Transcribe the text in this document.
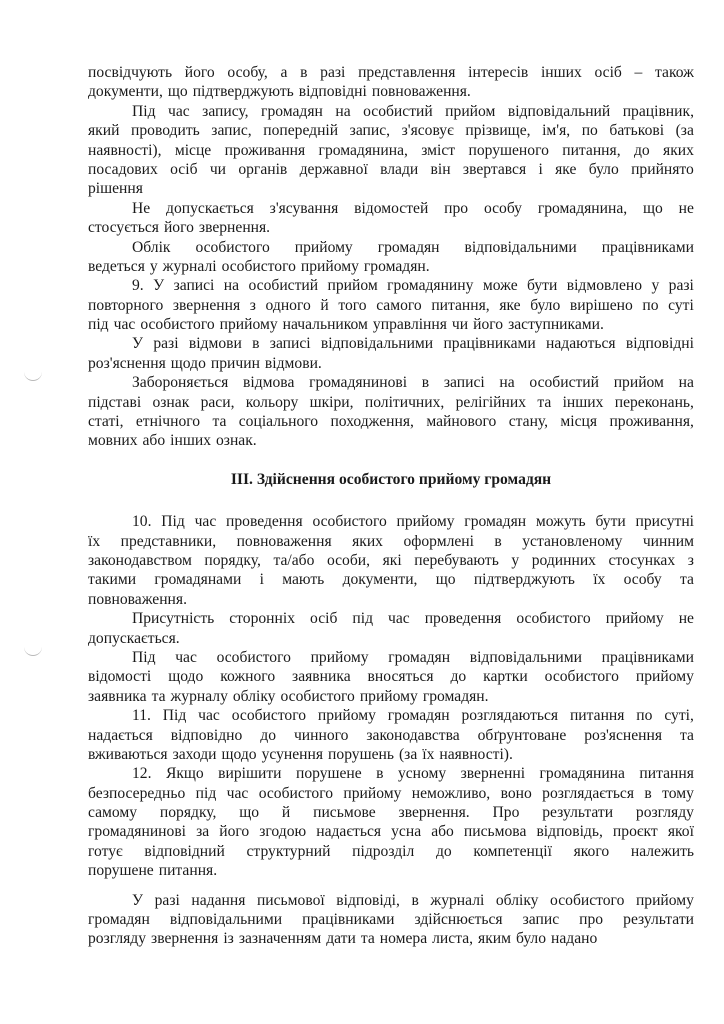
посвідчують його особу, а в разі представлення інтересів інших осіб – також
документи, що підтверджують відповідні повноваження.
Під час запису, громадян на особистий прийом відповідальний працівник,
який проводить запис, попередній запис, з'ясовує прізвище, ім'я, по батькові (за
наявності), місце проживання громадянина, зміст порушеного питання, до яких
посадових осіб чи органів державної влади він звертався і яке було прийнято
рішення
Не допускається з'ясування відомостей про особу громадянина, що не
стосується його звернення.
Облік особистого прийому громадян відповідальними працівниками
ведеться у журналі особистого прийому громадян.
9. У записі на особистий прийом громадянину може бути відмовлено у разі
повторного звернення з одного й того самого питання, яке було вирішено по суті
під час особистого прийому начальником управління чи його заступниками.
У разі відмови в записі відповідальними працівниками надаються відповідні
роз'яснення щодо причин відмови.
Забороняється відмова громадянинові в записі на особистий прийом на
підставі ознак раси, кольору шкіри, політичних, релігійних та інших переконань,
статі, етнічного та соціального походження, майнового стану, місця проживання,
мовних або інших ознак.
ІІІ. Здійснення особистого прийому громадян
10. Під час проведення особистого прийому громадян можуть бути присутні
їх представники, повноваження яких оформлені в установленому чинним
законодавством порядку, та/або особи, які перебувають у родинних стосунках з
такими громадянами і мають документи, що підтверджують їх особу та
повноваження.
Присутність сторонніх осіб під час проведення особистого прийому не
допускається.
Під час особистого прийому громадян відповідальними працівниками
відомості щодо кожного заявника вносяться до картки особистого прийому
заявника та журналу обліку особистого прийому громадян.
11. Під час особистого прийому громадян розглядаються питання по суті,
надається відповідно до чинного законодавства обґрунтоване роз'яснення та
вживаються заходи щодо усунення порушень (за їх наявності).
12. Якщо вирішити порушене в усному зверненні громадянина питання
безпосередньо під час особистого прийому неможливо, воно розглядається в тому
самому порядку, що й письмове звернення. Про результати розгляду
громадянинові за його згодою надається усна або письмова відповідь, проєкт якої
готує відповідний структурний підрозділ до компетенції якого належить
порушене питання.
У разі надання письмової відповіді, в журналі обліку особистого прийому
громадян відповідальними працівниками здійснюється запис про результати
розгляду звернення із зазначенням дати та номера листа, яким було надано
